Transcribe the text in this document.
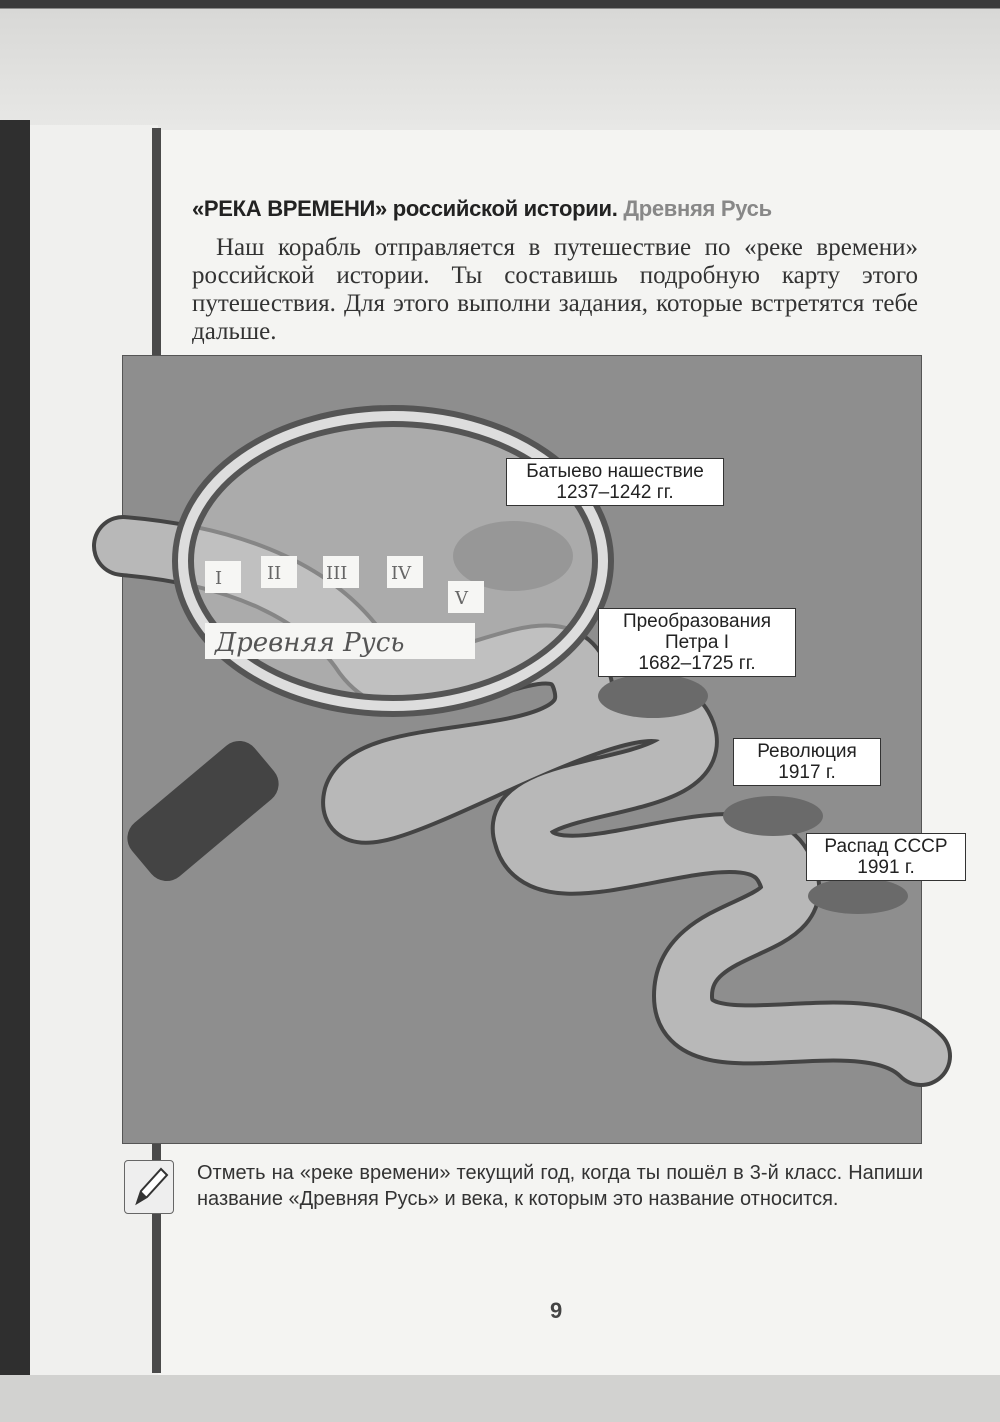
«РЕКА ВРЕМЕНИ» российской истории. Древняя Русь
Наш корабль отправляется в путешествие по «реке времени» российской истории. Ты составишь подробную карту этого путешествия. Для этого выполни задания, которые встретятся тебе дальше.
Древняя Русь
I II III IV
V
Батыево нашествие
1237–1242 гг.
Преобразования
Петра I
1682–1725 гг.
Революция
1917 г.
Распад СССР
1991 г.
Отметь на «реке времени» текущий год, когда ты пошёл в 3-й класс. Напиши название «Древняя Русь» и века, к которым это название относится.
9
